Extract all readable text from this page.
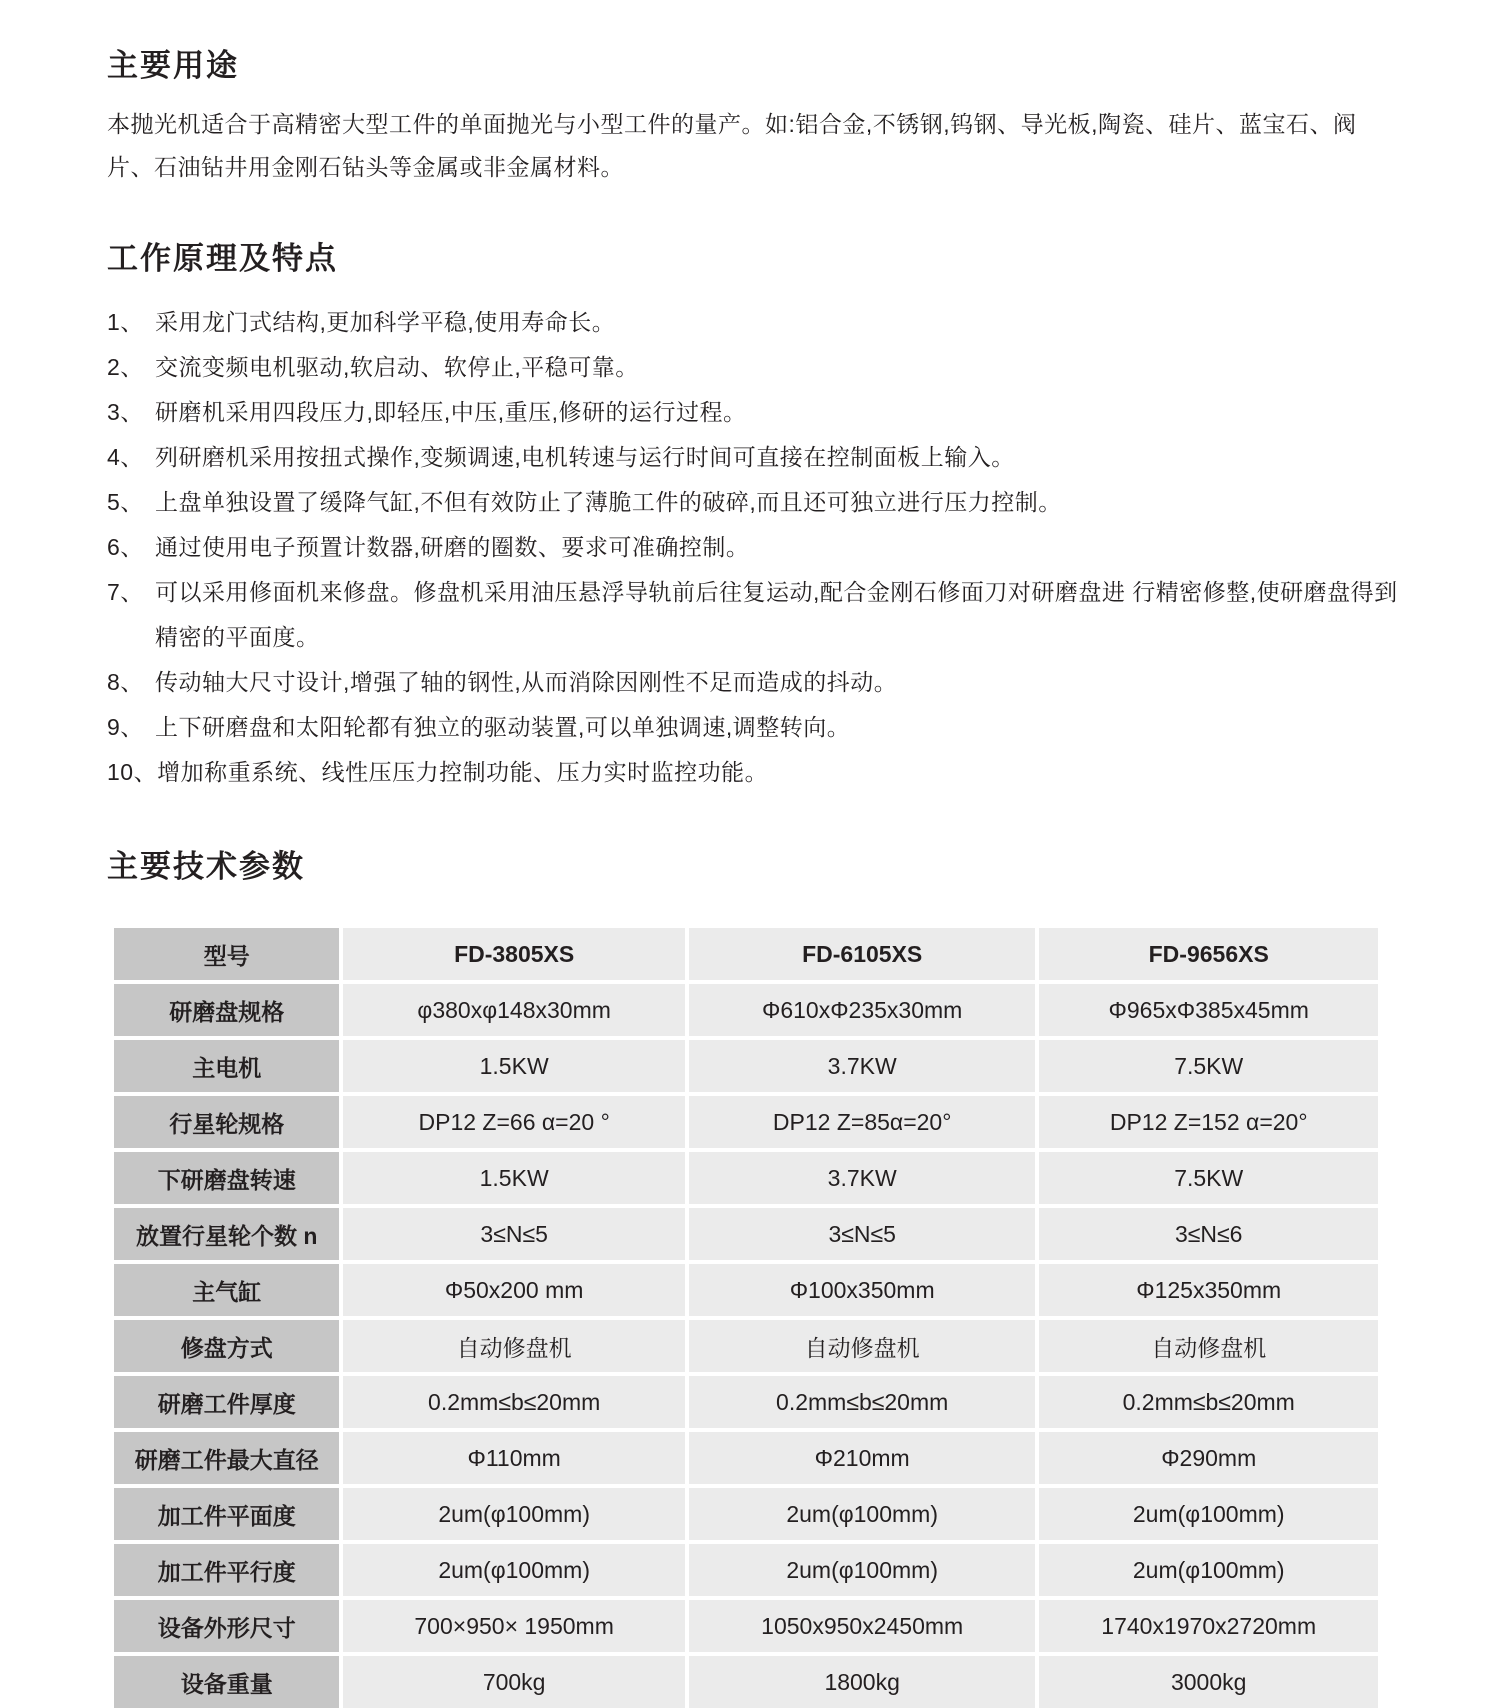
主要用途

本抛光机适合于高精密大型工件的单面抛光与小型工件的量产。如:铝合金,不锈钢,钨钢、导光板,陶瓷、硅片、蓝宝石、阀片、石油钻井用金刚石钻头等金属或非金属材料。

工作原理及特点
1、 采用龙门式结构,更加科学平稳,使用寿命长。
2、 交流变频电机驱动,软启动、软停止,平稳可靠。
3、 研磨机采用四段压力,即轻压,中压,重压,修研的运行过程。
4、 列研磨机采用按扭式操作,变频调速,电机转速与运行时间可直接在控制面板上输入。
5、 上盘单独设置了缓降气缸,不但有效防止了薄脆工件的破碎,而且还可独立进行压力控制。
6、 通过使用电子预置计数器,研磨的圈数、要求可准确控制。
7、 可以采用修面机来修盘。修盘机采用油压悬浮导轨前后往复运动,配合金刚石修面刀对研磨盘进 行精密修整,使研磨盘得到精密的平面度。
8、 传动轴大尺寸设计,增强了轴的钢性,从而消除因刚性不足而造成的抖动。
9、 上下研磨盘和太阳轮都有独立的驱动装置,可以单独调速,调整转向。
10、 增加称重系统、线性压压力控制功能、压力实时监控功能。
主要技术参数
型号	FD-3805XS	FD-6105XS	FD-9656XS
研磨盘规格	φ380xφ148x30mm	Φ610xΦ235x30mm	Φ965xΦ385x45mm
主电机	1.5KW	3.7KW	7.5KW
行星轮规格	DP12 Z=66 α=20 °	DP12 Z=85α=20°	DP12 Z=152 α=20°
下研磨盘转速	1.5KW	3.7KW	7.5KW
放置行星轮个数 n	3≤N≤5	3≤N≤5	3≤N≤6
主气缸	Φ50x200 mm	Φ100x350mm	Φ125x350mm
修盘方式	自动修盘机	自动修盘机	自动修盘机
研磨工件厚度	0.2mm≤b≤20mm	0.2mm≤b≤20mm	0.2mm≤b≤20mm
研磨工件最大直径	Φ110mm	Φ210mm	Φ290mm
加工件平面度	2um(φ100mm)	2um(φ100mm)	2um(φ100mm)
加工件平行度	2um(φ100mm)	2um(φ100mm)	2um(φ100mm)
设备外形尺寸	700×950× 1950mm	1050x950x2450mm	1740x1970x2720mm
设备重量	700kg	1800kg	3000kg
